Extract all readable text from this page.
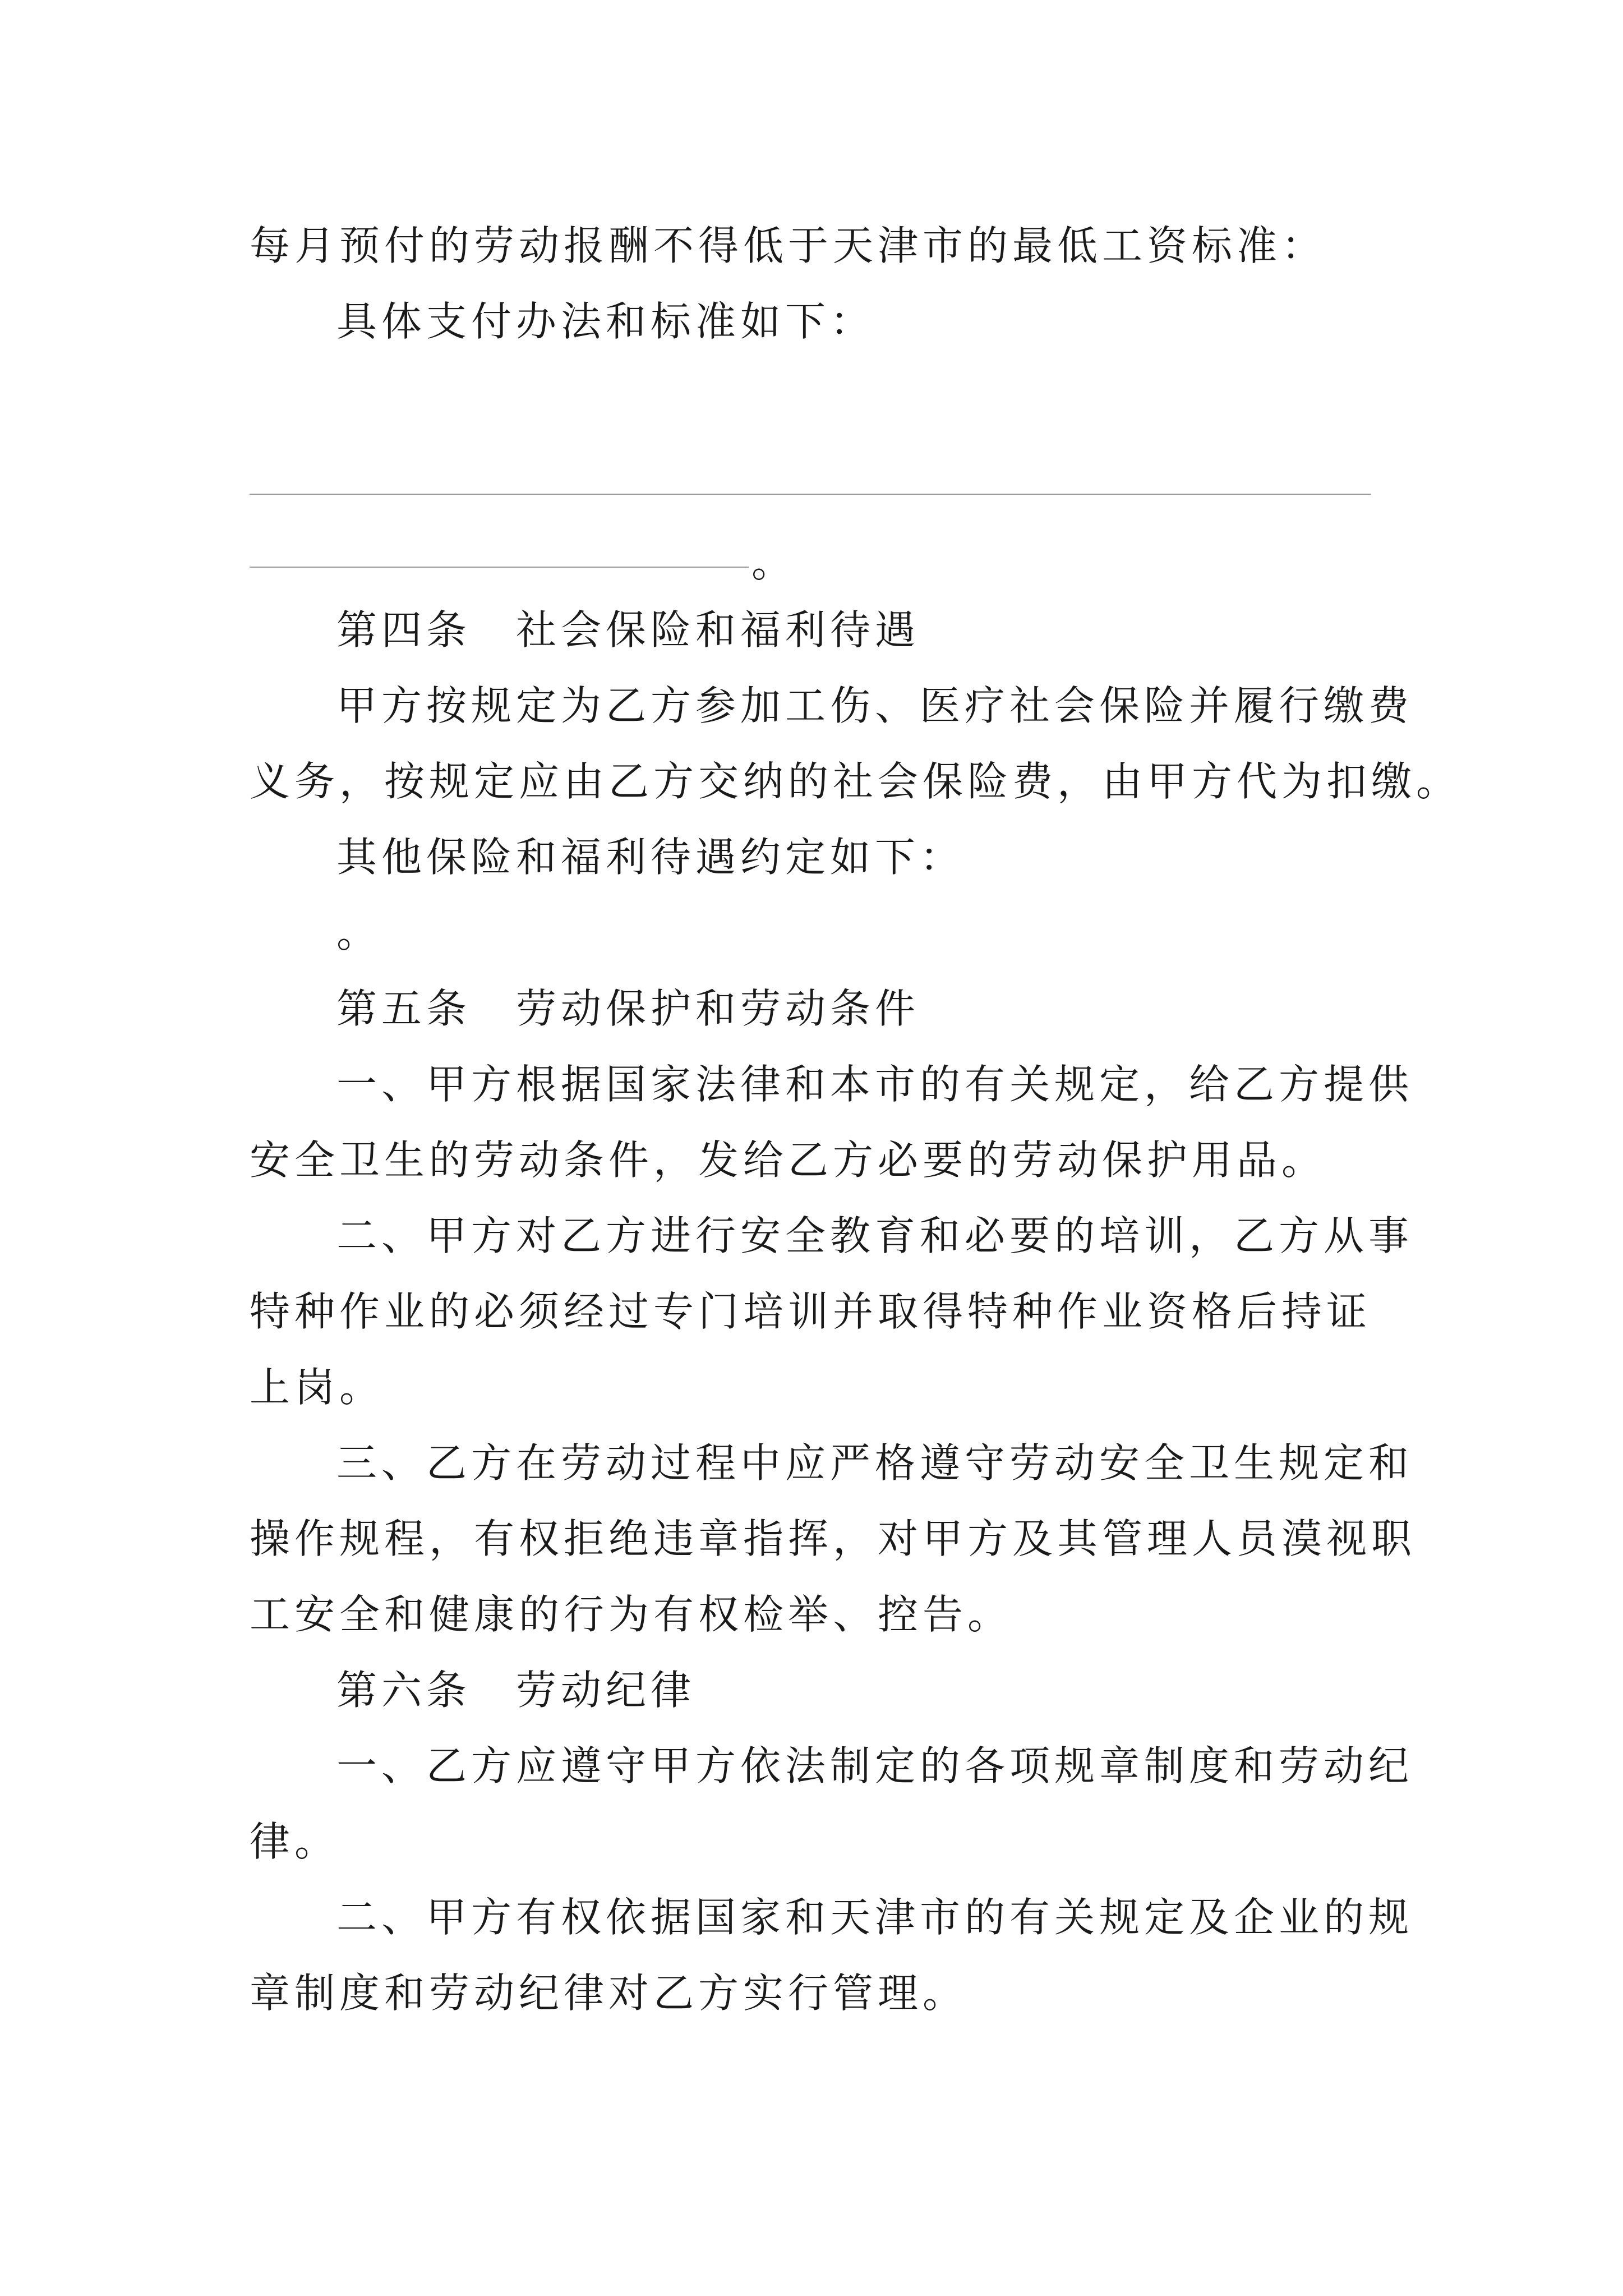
每月预付的劳动报酬不得低于天津市的最低工资标准：
具体支付办法和标准如下：
。
第四条　社会保险和福利待遇
甲方按规定为乙方参加工伤、医疗社会保险并履行缴费
义务，按规定应由乙方交纳的社会保险费，由甲方代为扣缴。
其他保险和福利待遇约定如下：
。
第五条　劳动保护和劳动条件
一、甲方根据国家法律和本市的有关规定，给乙方提供
安全卫生的劳动条件，发给乙方必要的劳动保护用品。
二、甲方对乙方进行安全教育和必要的培训，乙方从事
特种作业的必须经过专门培训并取得特种作业资格后持证
上岗。
三、乙方在劳动过程中应严格遵守劳动安全卫生规定和
操作规程，有权拒绝违章指挥，对甲方及其管理人员漠视职
工安全和健康的行为有权检举、控告。
第六条　劳动纪律
一、乙方应遵守甲方依法制定的各项规章制度和劳动纪
律。
二、甲方有权依据国家和天津市的有关规定及企业的规
章制度和劳动纪律对乙方实行管理。
